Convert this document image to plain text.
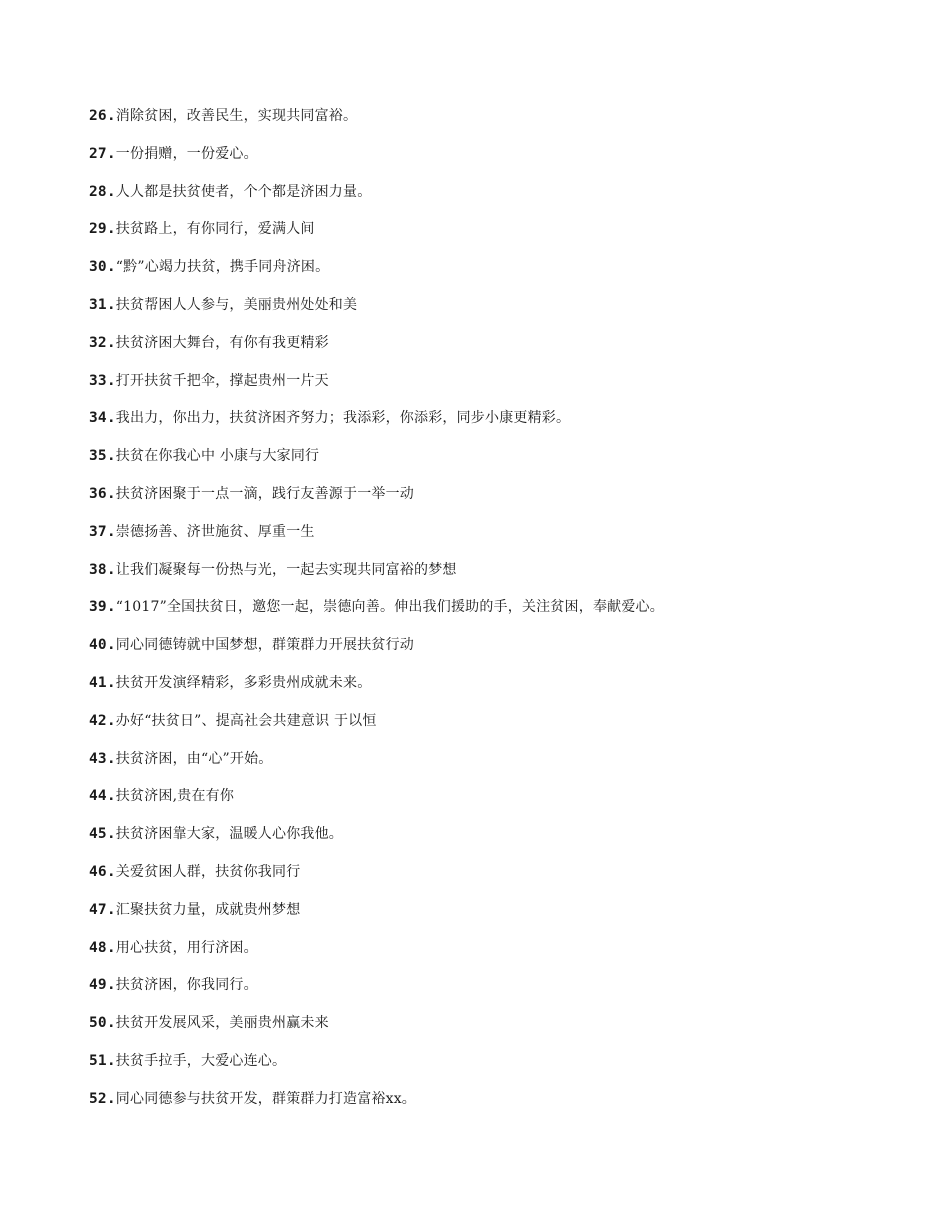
26.消除贫困，改善民生，实现共同富裕。
27.一份捐赠，一份爱心。
28.人人都是扶贫使者，个个都是济困力量。
29.扶贫路上，有你同行，爱满人间
30.“黔”心竭力扶贫，携手同舟济困。
31.扶贫帮困人人参与，美丽贵州处处和美
32.扶贫济困大舞台，有你有我更精彩
33.打开扶贫千把伞，撑起贵州一片天
34.我出力，你出力，扶贫济困齐努力；我添彩，你添彩，同步小康更精彩。
35.扶贫在你我心中 小康与大家同行
36.扶贫济困聚于一点一滴，践行友善源于一举一动
37.崇德扬善、济世施贫、厚重一生
38.让我们凝聚每一份热与光，一起去实现共同富裕的梦想
39.“1017”全国扶贫日，邀您一起，崇德向善。伸出我们援助的手，关注贫困，奉献爱心。
40.同心同德铸就中国梦想，群策群力开展扶贫行动
41.扶贫开发演绎精彩，多彩贵州成就未来。
42.办好“扶贫日”、提高社会共建意识 于以恒
43.扶贫济困，由“心”开始。
44.扶贫济困,贵在有你
45.扶贫济困靠大家，温暖人心你我他。
46.关爱贫困人群，扶贫你我同行
47.汇聚扶贫力量，成就贵州梦想
48.用心扶贫，用行济困。
49.扶贫济困，你我同行。
50.扶贫开发展风采，美丽贵州赢未来
51.扶贫手拉手，大爱心连心。
52.同心同德参与扶贫开发，群策群力打造富裕xx。
